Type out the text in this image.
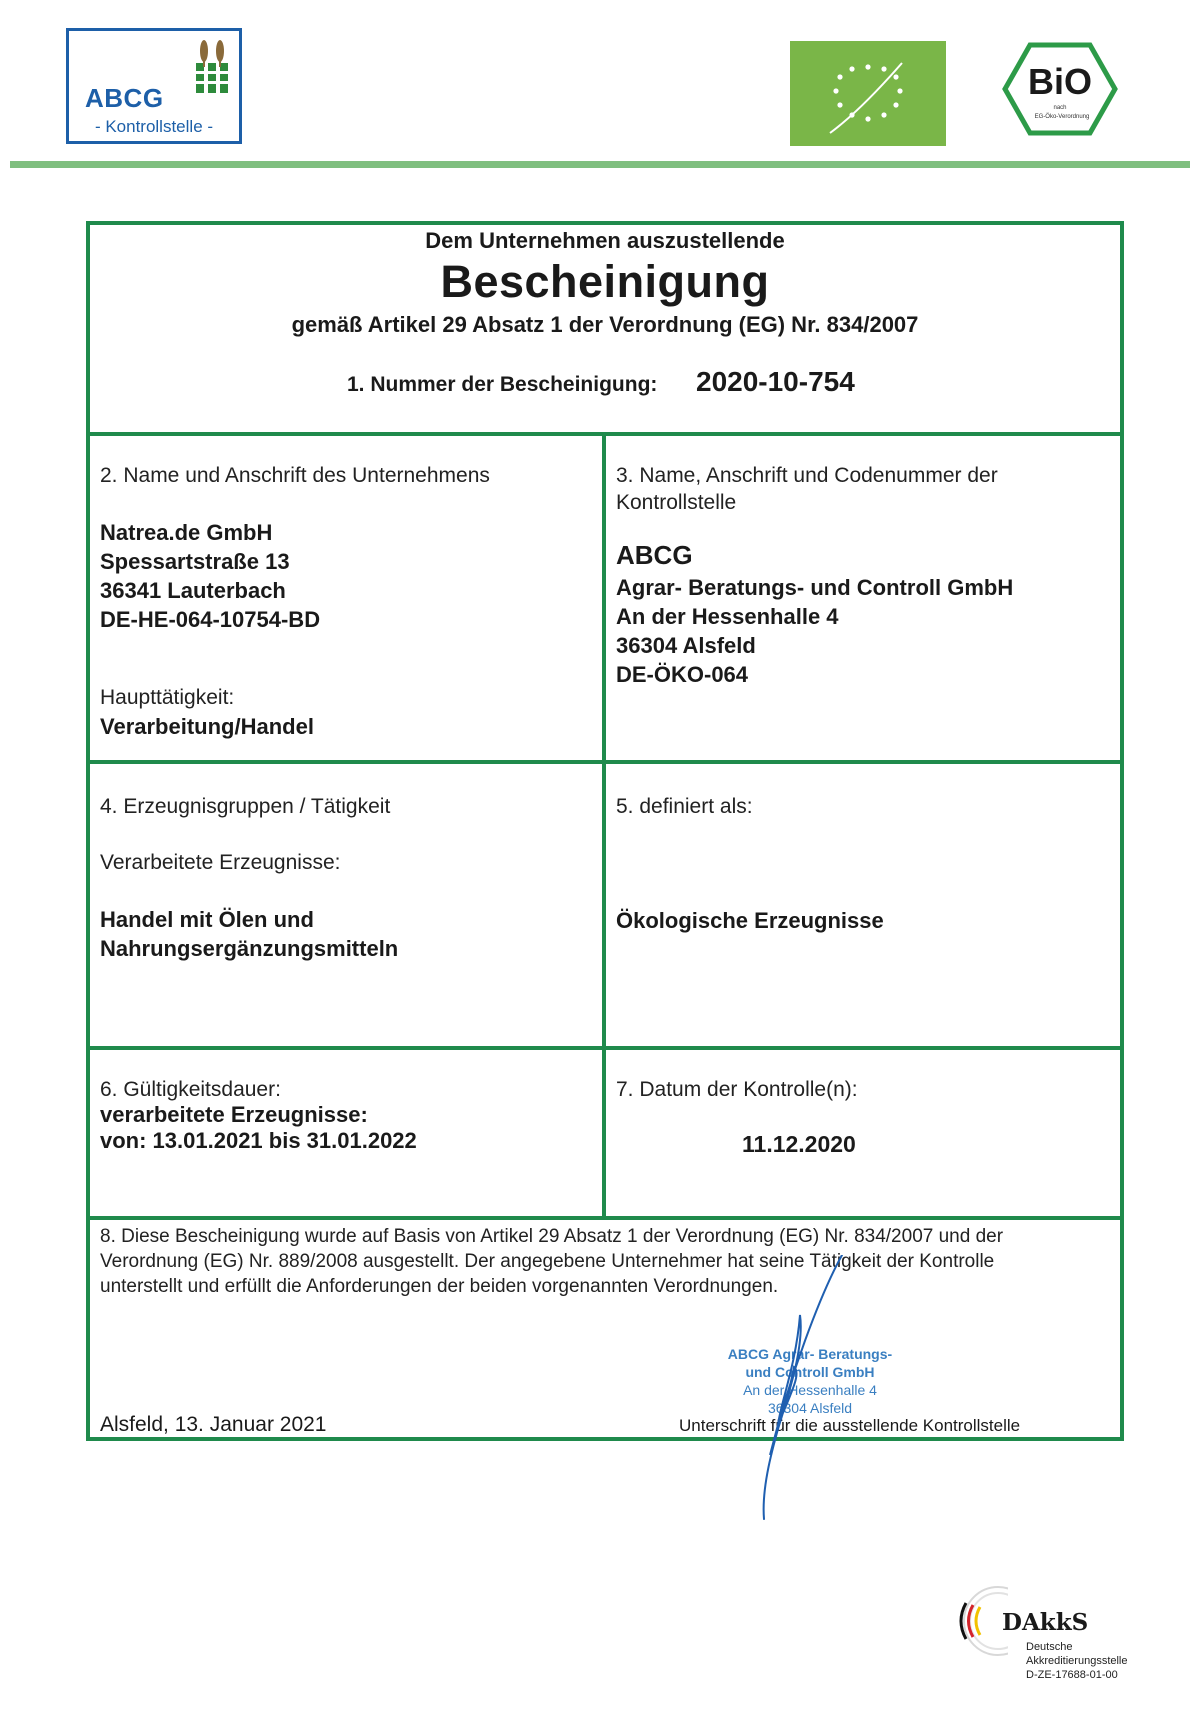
ABCG
- Kontrollstelle -
BiO
nach
EG-Öko-Verordnung
Dem Unternehmen auszustellende
Bescheinigung
gemäß Artikel 29 Absatz 1 der Verordnung (EG) Nr. 834/2007
1. Nummer der Bescheinigung: 2020-10-754
2. Name und Anschrift des Unternehmens
Natrea.de GmbH
Spessartstraße 13
36341 Lauterbach
DE-HE-064-10754-BD
Haupttätigkeit:
Verarbeitung/Handel
3. Name, Anschrift und Codenummer der
Kontrollstelle
ABCG
Agrar- Beratungs- und Controll GmbH
An der Hessenhalle 4
36304 Alsfeld
DE-ÖKO-064
4. Erzeugnisgruppen / Tätigkeit
Verarbeitete Erzeugnisse:
Handel mit Ölen und
Nahrungsergänzungsmitteln
5. definiert als:
Ökologische Erzeugnisse
6. Gültigkeitsdauer:
verarbeitete Erzeugnisse:
von: 13.01.2021 bis 31.01.2022
7. Datum der Kontrolle(n):
11.12.2020
8. Diese Bescheinigung wurde auf Basis von Artikel 29 Absatz 1 der Verordnung (EG) Nr. 834/2007 und der
Verordnung (EG) Nr. 889/2008 ausgestellt. Der angegebene Unternehmer hat seine Tätigkeit der Kontrolle
unterstellt und erfüllt die Anforderungen der beiden vorgenannten Verordnungen.
ABCG Agrar- Beratungs-
und Controll GmbH
An der Hessenhalle 4
36304 Alsfeld
Alsfeld, 13. Januar 2021	Unterschrift für die ausstellende Kontrollstelle
DAkkS
Deutsche
Akkreditierungsstelle
D-ZE-17688-01-00
